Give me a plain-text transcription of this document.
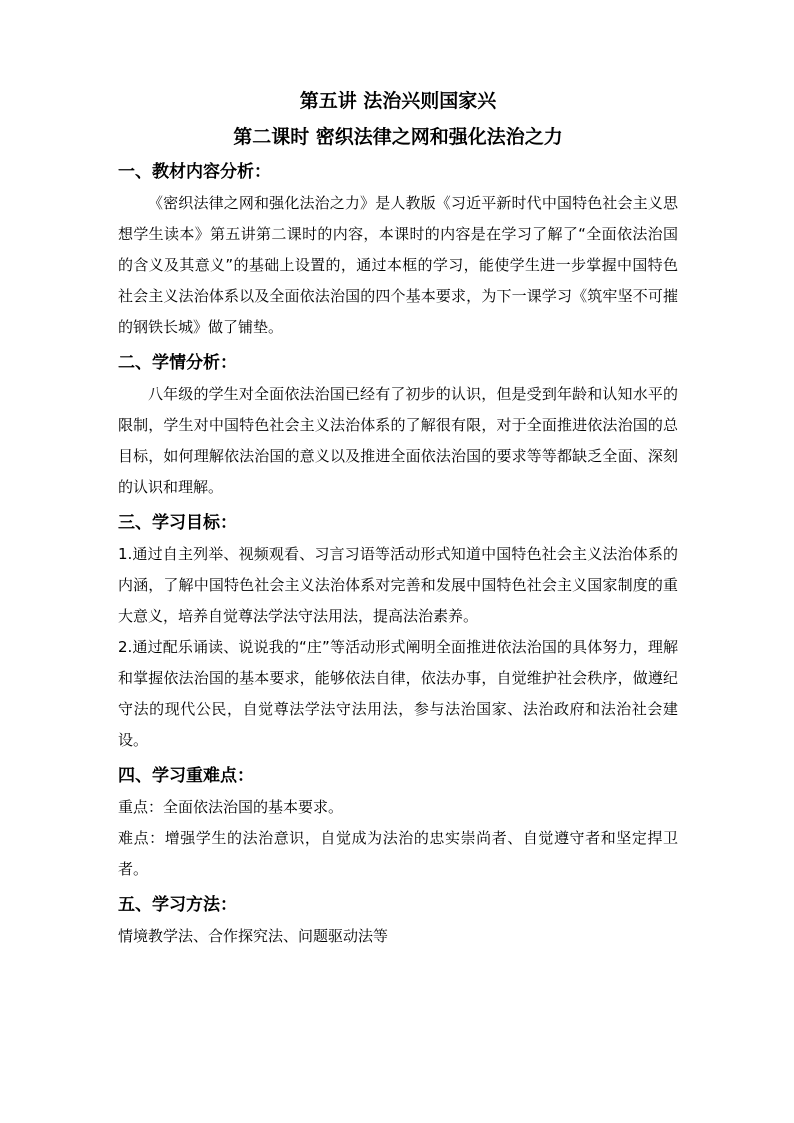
第五讲 法治兴则国家兴
第二课时 密织法律之网和强化法治之力
一、教材内容分析：

《密织法律之网和强化法治之力》是人教版《习近平新时代中国特色社会主义思想学生读本》第五讲第二课时的内容，本课时的内容是在学习了解了“全面依法治国的含义及其意义”的基础上设置的，通过本框的学习，能使学生进一步掌握中国特色社会主义法治体系以及全面依法治国的四个基本要求，为下一课学习《筑牢坚不可摧的钢铁长城》做了铺垫。

二、学情分析：

八年级的学生对全面依法治国已经有了初步的认识，但是受到年龄和认知水平的限制，学生对中国特色社会主义法治体系的了解很有限，对于全面推进依法治国的总目标，如何理解依法治国的意义以及推进全面依法治国的要求等等都缺乏全面、深刻的认识和理解。

三、学习目标：

1.通过自主列举、视频观看、习言习语等活动形式知道中国特色社会主义法治体系的内涵，了解中国特色社会主义法治体系对完善和发展中国特色社会主义国家制度的重大意义，培养自觉尊法学法守法用法，提高法治素养。

2.通过配乐诵读、说说我的“庄”等活动形式阐明全面推进依法治国的具体努力，理解和掌握依法治国的基本要求，能够依法自律，依法办事，自觉维护社会秩序，做遵纪守法的现代公民，自觉尊法学法守法用法，参与法治国家、法治政府和法治社会建设。

四、学习重难点：

重点：全面依法治国的基本要求。

难点：增强学生的法治意识，自觉成为法治的忠实崇尚者、自觉遵守者和坚定捍卫者。

五、学习方法：

情境教学法、合作探究法、问题驱动法等
